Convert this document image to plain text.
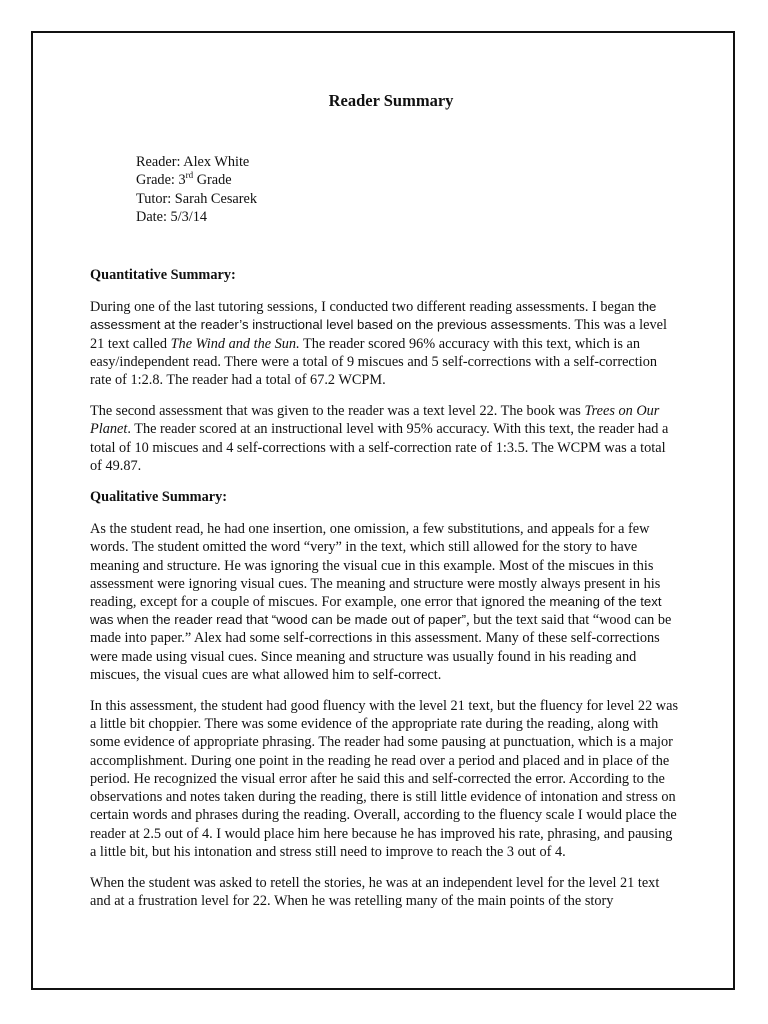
Reader Summary
Reader: Alex White
Grade: 3rd Grade
Tutor: Sarah Cesarek
Date: 5/3/14
Quantitative Summary:

During one of the last tutoring sessions, I conducted two different reading assessments. I began the assessment at the reader’s instructional level based on the previous assessments. This was a level 21 text called The Wind and the Sun. The reader scored 96% accuracy with this text, which is an easy/independent read. There were a total of 9 miscues and 5 self-corrections with a self-correction rate of 1:2.8. The reader had a total of 67.2 WCPM.

The second assessment that was given to the reader was a text level 22. The book was Trees on Our Planet. The reader scored at an instructional level with 95% accuracy. With this text, the reader had a total of 10 miscues and 4 self-corrections with a self-correction rate of 1:3.5. The WCPM was a total of 49.87.

Qualitative Summary:

As the student read, he had one insertion, one omission, a few substitutions, and appeals for a few words. The student omitted the word “very” in the text, which still allowed for the story to have meaning and structure. He was ignoring the visual cue in this example. Most of the miscues in this assessment were ignoring visual cues. The meaning and structure were mostly always present in his reading, except for a couple of miscues. For example, one error that ignored the meaning of the text was when the reader read that “wood can be made out of paper”, but the text said that “wood can be made into paper.” Alex had some self-corrections in this assessment. Many of these self-corrections were made using visual cues. Since meaning and structure was usually found in his reading and miscues, the visual cues are what allowed him to self-correct.

In this assessment, the student had good fluency with the level 21 text, but the fluency for level 22 was a little bit choppier. There was some evidence of the appropriate rate during the reading, along with some evidence of appropriate phrasing. The reader had some pausing at punctuation, which is a major accomplishment. During one point in the reading he read over a period and placed and in place of the period. He recognized the visual error after he said this and self-corrected the error. According to the observations and notes taken during the reading, there is still little evidence of intonation and stress on certain words and phrases during the reading. Overall, according to the fluency scale I would place the reader at 2.5 out of 4. I would place him here because he has improved his rate, phrasing, and pausing a little bit, but his intonation and stress still need to improve to reach the 3 out of 4.

When the student was asked to retell the stories, he was at an independent level for the level 21 text and at a frustration level for 22. When he was retelling many of the main points of the story
